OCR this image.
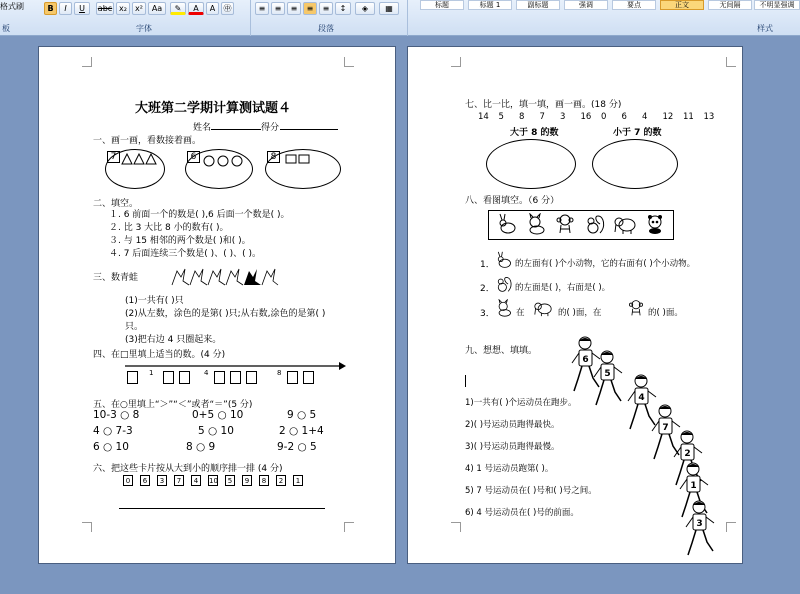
格式刷	B	I	U	abc x₂	x²	Aa	✎	A	A	㊥	≡	≡	≡	≡	≡	↕	◈	▦	标题	标题 1	副标题	强调	要点	正文	无间隔	不明显强调
板	字体	段落	样式
大班第二学期计算测试题４
姓名	得分
一、画一画，看数接着画。
7	6	8
二、填空。
１. 6 前面一个的数是( ),6 后面一个数是( )。
２. 比 3 大比 8 小的数有( )。
３. 与 15 相邻的两个数是( )和( )。
４. 7 后面连续三个数是( )、( )、( )。
三、数青蛙
(1)一共有( )只
(2)从左数，涂色的是第( )只;从右数,涂色的是第( )
只。
(3)把右边 4 只圈起来。
四、在□里填上适当的数。(4 分)
1	4	8
五、在○里填上“＞”“＜”或者“＝”(5 分)
10-3 ○ 8	0+5 ○ 10	9 ○ 5
4 ○ 7-3	5 ○ 10	2 ○ 1+4
6 ○ 10	8 ○ 9	9-2 ○ 5
六、把这些卡片按从大到小的顺序排一排 (4 分)
0	6	3	7	4	10	5	9	8	2	1
七、比一比，填一填，画一画。(18 分)
14 5 8 7 3 16 0 6 4 12 11 13
大于 8 的数	小于 7 的数
八、看图填空。（6 分）
1． 的左面有( )个小动物，它的右面有( )个小动物。
2． 的左面是( )，右面是( )。
3．	在	的( )面，在	的( )面。
九、想想、填填。
1)一共有( )个运动员在跑步。
2)( )号运动员跑得最快。
3)( )号运动员跑得最慢。
4) 1 号运动员跑第( )。
5) 7 号运动员在( )号和( )号之间。
6) 4 号运动员在( )号的前面。
6
5
4
7
2
1
3
